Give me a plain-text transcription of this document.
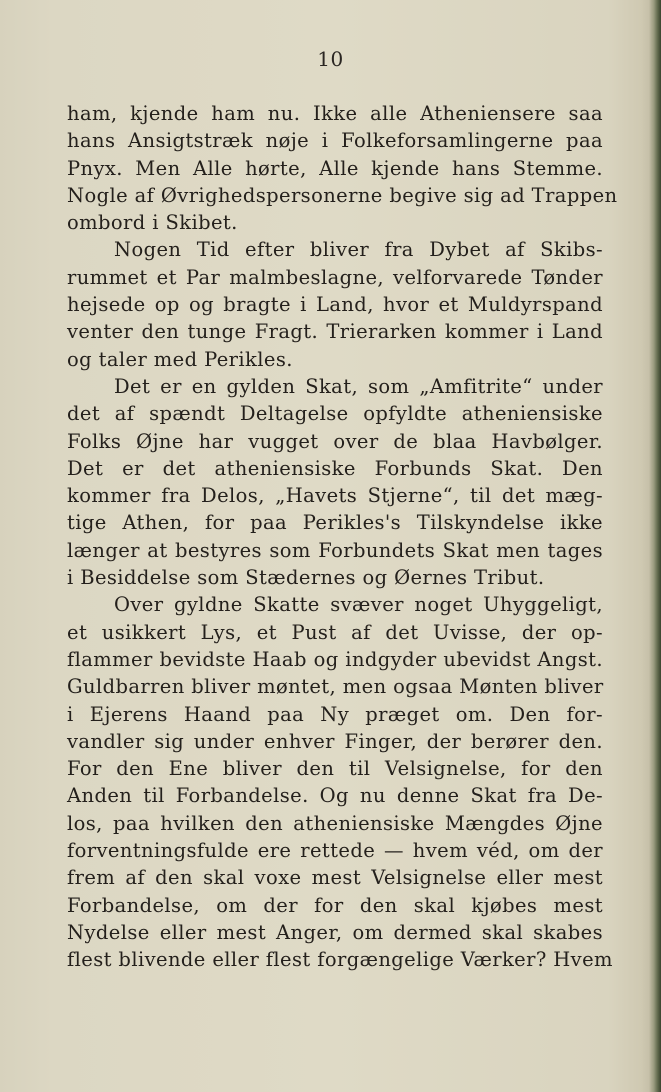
10
ham, kjende ham nu. Ikke alle Atheniensere saa
hans Ansigtstræk nøje i Folkeforsamlingerne paa
Pnyx. Men Alle hørte, Alle kjende hans Stemme.
Nogle af Øvrighedspersonerne begive sig ad Trappen
ombord i Skibet.
Nogen Tid efter bliver fra Dybet af Skibs-
rummet et Par malmbeslagne, velforvarede Tønder
hejsede op og bragte i Land, hvor et Muldyrspand
venter den tunge Fragt. Trierarken kommer i Land
og taler med Perikles.
Det er en gylden Skat, som „Amfitrite“ under
det af spændt Deltagelse opfyldte atheniensiske
Folks Øjne har vugget over de blaa Havbølger.
Det er det atheniensiske Forbunds Skat. Den
kommer fra Delos, „Havets Stjerne“, til det mæg-
tige Athen, for paa Perikles's Tilskyndelse ikke
længer at bestyres som Forbundets Skat men tages
i Besiddelse som Stædernes og Øernes Tribut.
Over gyldne Skatte svæver noget Uhyggeligt,
et usikkert Lys, et Pust af det Uvisse, der op-
flammer bevidste Haab og indgyder ubevidst Angst.
Guldbarren bliver møntet, men ogsaa Mønten bliver
i Ejerens Haand paa Ny præget om. Den for-
vandler sig under enhver Finger, der berører den.
For den Ene bliver den til Velsignelse, for den
Anden til Forbandelse. Og nu denne Skat fra De-
los, paa hvilken den atheniensiske Mængdes Øjne
forventningsfulde ere rettede — hvem véd, om der
frem af den skal voxe mest Velsignelse eller mest
Forbandelse, om der for den skal kjøbes mest
Nydelse eller mest Anger, om dermed skal skabes
flest blivende eller flest forgængelige Værker? Hvem
